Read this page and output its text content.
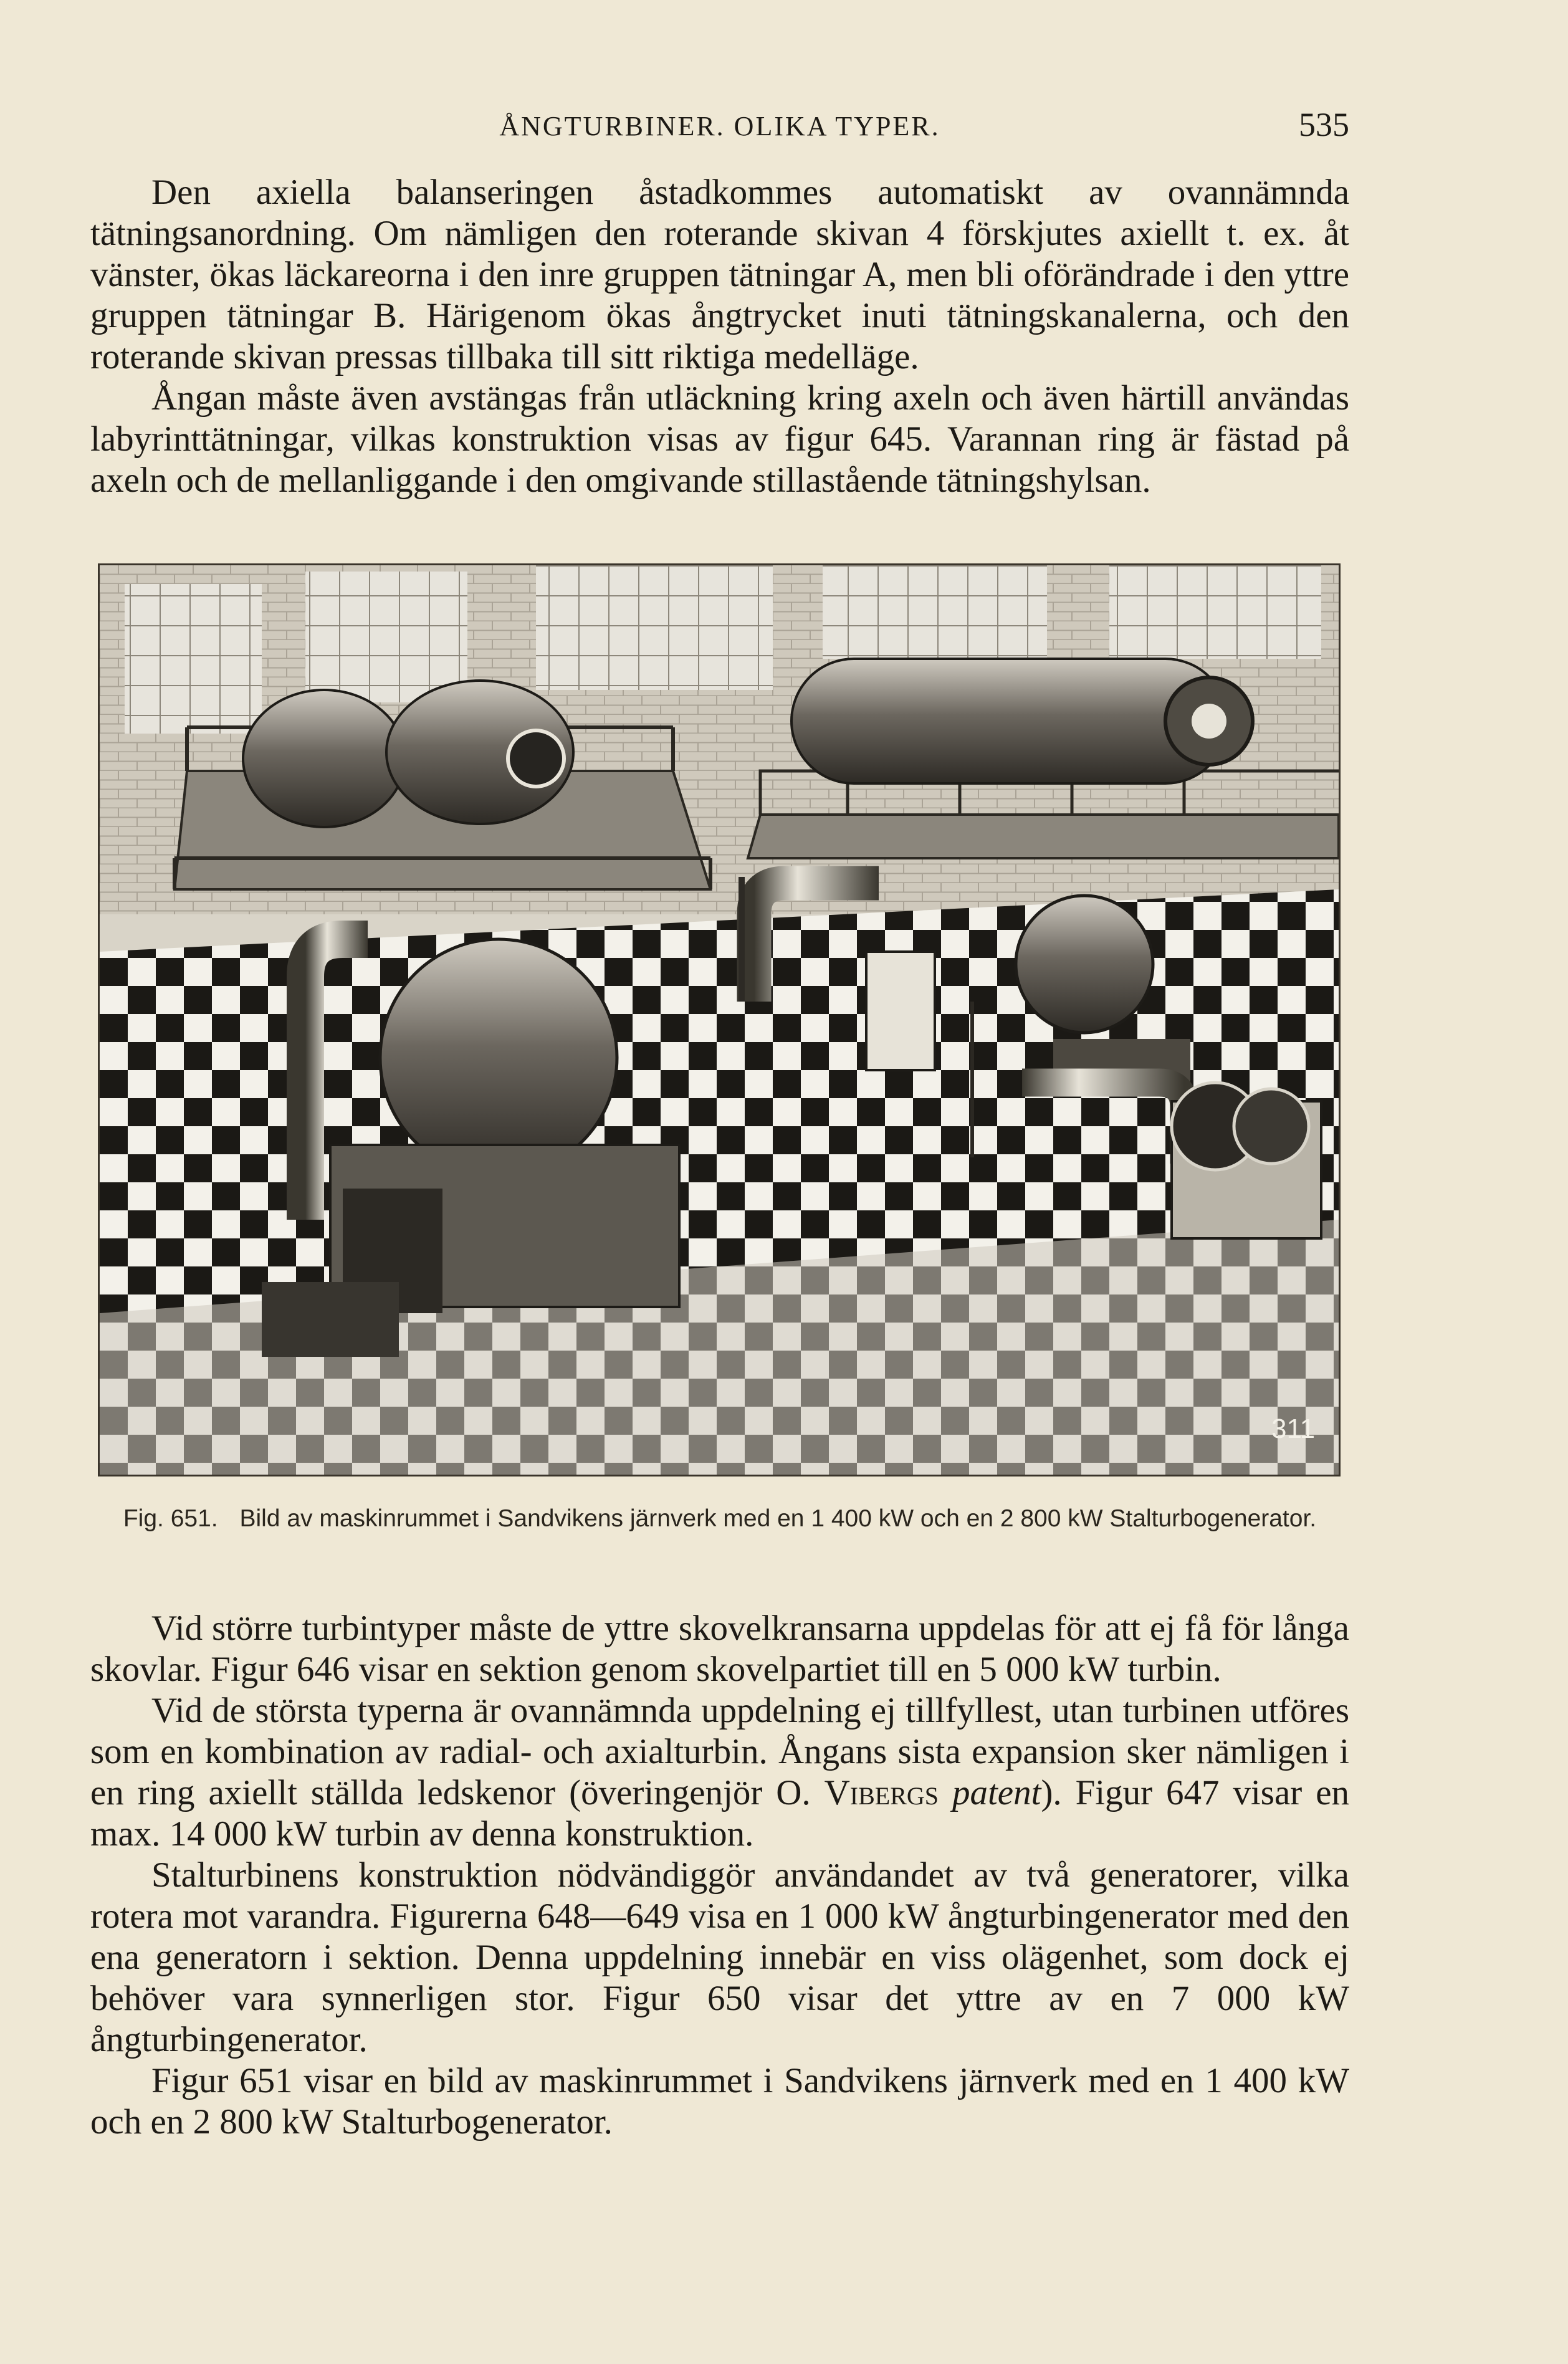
ÅNGTURBINER. OLIKA TYPER.	535

Den axiella balanseringen åstadkommes automatiskt av ovannämnda tätningsanordning. Om nämligen den roterande skivan 4 förskjutes axiellt t. ex. åt vänster, ökas läckareorna i den inre gruppen tätningar A, men bli oförändrade i den yttre gruppen tätningar B. Härigenom ökas ångtrycket inuti tätningskanalerna, och den roterande skivan pressas tillbaka till sitt riktiga medelläge.

Ångan måste även avstängas från utläckning kring axeln och även härtill användas labyrinttätningar, vilkas konstruktion visas av figur 645. Varannan ring är fästad på axeln och de mellanliggande i den omgivande stillastående tätningshylsan.

311
Fig. 651. Bild av maskinrummet i Sandvikens järnverk med en 1 400 kW och en 2 800 kW Stalturbogenerator.

Vid större turbintyper måste de yttre skovelkransarna uppdelas för att ej få för långa skovlar. Figur 646 visar en sektion genom skovelpartiet till en 5 000 kW turbin.

Vid de största typerna är ovannämnda uppdelning ej tillfyllest, utan turbinen utföres som en kombination av radial- och axialturbin. Ångans sista expansion sker nämligen i en ring axiellt ställda ledskenor (överingenjör O. Vibergs patent). Figur 647 visar en max. 14 000 kW turbin av denna konstruktion.

Stalturbinens konstruktion nödvändiggör användandet av två generatorer, vilka rotera mot varandra. Figurerna 648—649 visa en 1 000 kW ångturbingenerator med den ena generatorn i sektion. Denna uppdelning innebär en viss olägenhet, som dock ej behöver vara synnerligen stor. Figur 650 visar det yttre av en 7 000 kW ångturbingenerator.

Figur 651 visar en bild av maskinrummet i Sandvikens järnverk med en 1 400 kW och en 2 800 kW Stalturbogenerator.
